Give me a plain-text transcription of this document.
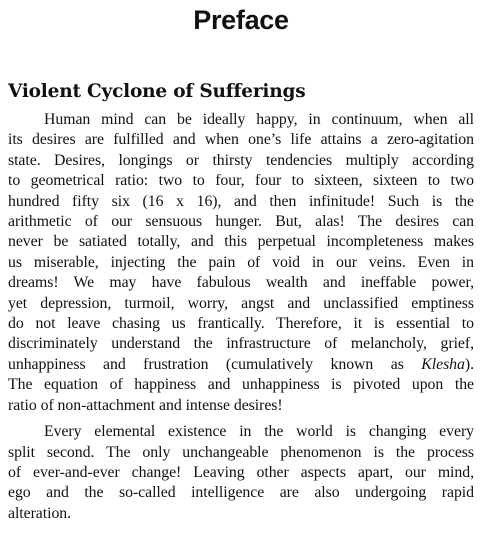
Preface
Violent Cyclone of Sufferings
Human mind can be ideally happy, in continuum, when all
its desires are fulfilled and when one’s life attains a zero-agitation
state. Desires, longings or thirsty tendencies multiply according
to geometrical ratio: two to four, four to sixteen, sixteen to two
hundred fifty six (16 x 16), and then infinitude! Such is the
arithmetic of our sensuous hunger. But, alas! The desires can
never be satiated totally, and this perpetual incompleteness makes
us miserable, injecting the pain of void in our veins. Even in
dreams! We may have fabulous wealth and ineffable power,
yet depression, turmoil, worry, angst and unclassified emptiness
do not leave chasing us frantically. Therefore, it is essential to
discriminately understand the infrastructure of melancholy, grief,
unhappiness and frustration (cumulatively known as Klesha).
The equation of happiness and unhappiness is pivoted upon the
ratio of non-attachment and intense desires!
Every elemental existence in the world is changing every
split second. The only unchangeable phenomenon is the process
of ever-and-ever change! Leaving other aspects apart, our mind,
ego and the so-called intelligence are also undergoing rapid
alteration.
